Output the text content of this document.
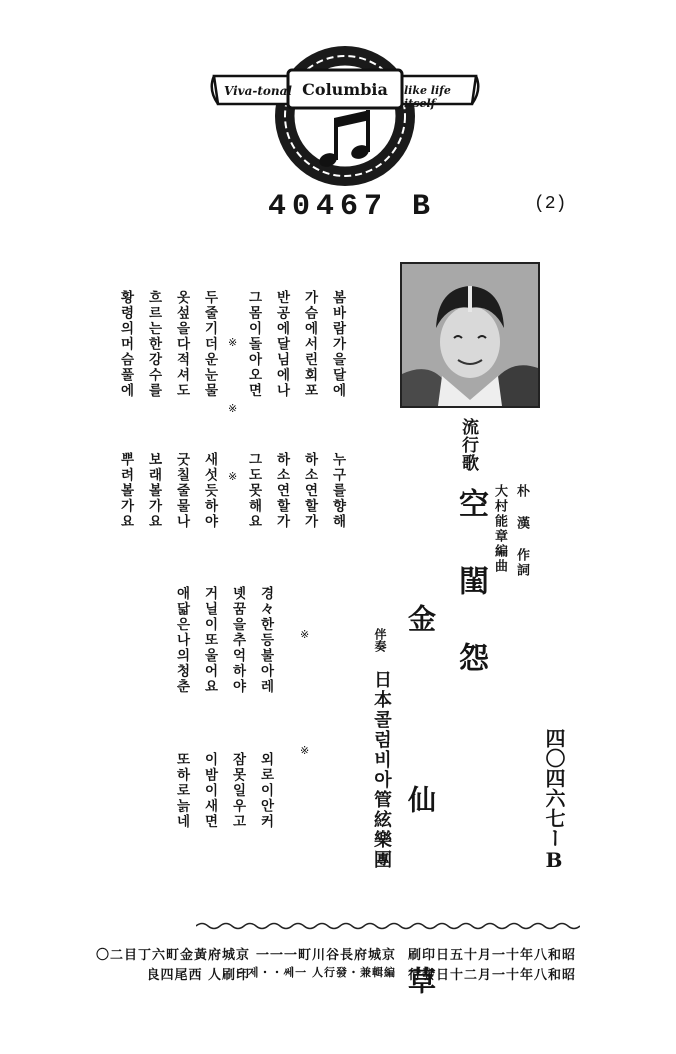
Viva-tonal Columbia like life itself
40467 B	(2)
流行歌
空 閨 怨	朴 漢 作詞
大村能章編曲
金 仙 草
伴奏
日本콜럼비아管絃樂團	四〇四六七ーB
봄바람가을달에
가슴에서린회포
반공에달님에나
그몸이돌아오면
두줄기더운눈물
옷섶을다적셔도
흐르는한강수를
황령의머슴풀에
누구를향해
하소연할가
하소연할가
그도못해요
새섯듯하야
굿칠줄물나
보래볼가요
뿌려볼가요
※
※
※
경々한등불아레
녯꿈을추억하야
거닐이또울어요
애닯은나의청춘
외로이안커
잠못일우고
이밤이새면
또하로늙네
※
※
昭和八年十一月十五日印刷
京城府長谷川町一一一
京城府黃金町六丁目二〇
昭和八年十一月二十日發行
編輯兼・發行人 一쎄・・제ー
印刷人 西尾四良
